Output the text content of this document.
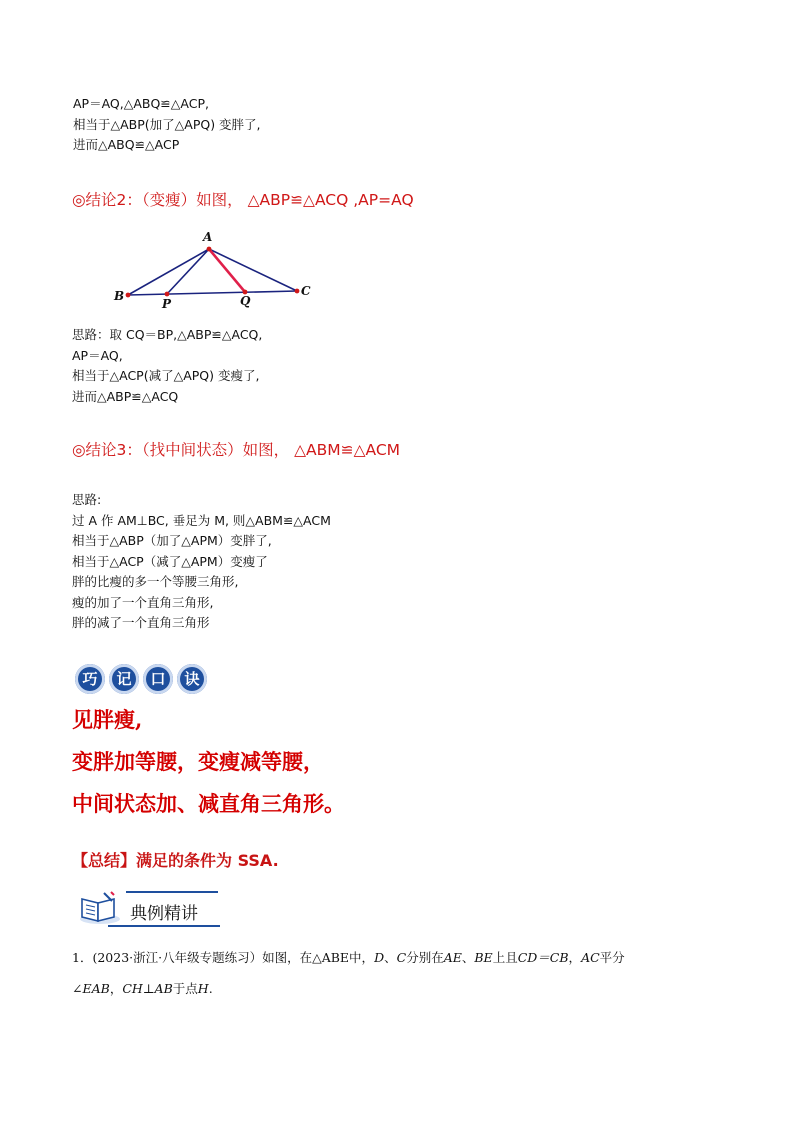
AP＝AQ,△ABQ≌△ACP,
相当于△ABP(加了△APQ) 变胖了,
进而△ABQ≌△ACP
◎结论2：（变瘦）如图， △ABP≌△ACQ ,AP=AQ
A
B
P	Q
C
思路：取 CQ＝BP,△ABP≌△ACQ,
AP＝AQ,
相当于△ACP(减了△APQ) 变瘦了,
进而△ABP≌△ACQ
◎结论3：（找中间状态）如图， △ABM≌△ACM
思路:
过 A 作 AM⊥BC, 垂足为 M, 则△ABM≌△ACM
相当于△ABP（加了△APM）变胖了,
相当于△ACP（减了△APM）变瘦了
胖的比瘦的多一个等腰三角形,
瘦的加了一个直角三角形,
胖的减了一个直角三角形
巧 记 口 诀
见胖瘦,
变胖加等腰，变瘦减等腰，
中间状态加、减直角三角形。
【总结】满足的条件为 SSA.
典例精讲
1．(2023·浙江·八年级专题练习）如图，在△ABE中，D、C分别在AE、BE上且CD＝CB，AC平分
∠EAB，CH⊥AB于点H.
